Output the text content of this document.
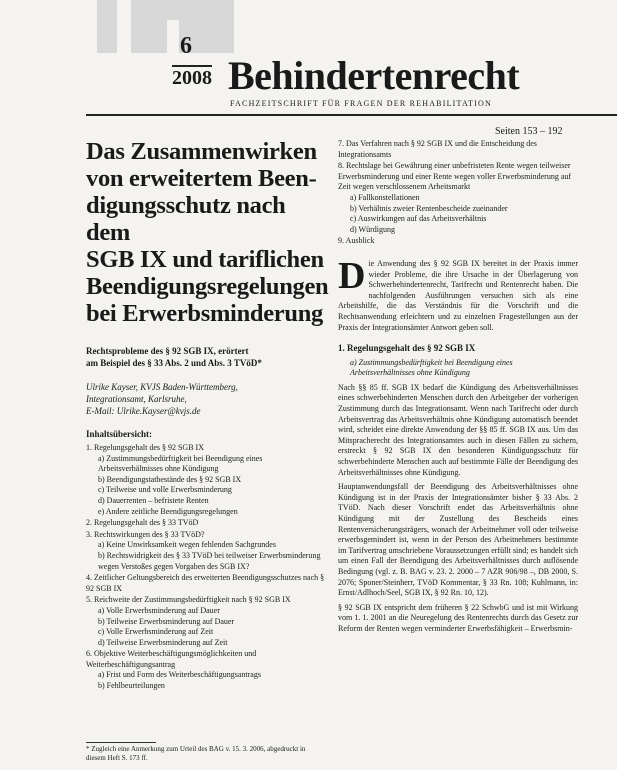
6
2008 Behindertenrecht
FACHZEITSCHRIFT FÜR FRAGEN DER REHABILITATION
Seiten 153 – 192
Das Zusammenwirken
von erweitertem Been-
digungsschutz nach dem
SGB IX und tariflichen
Beendigungsregelungen
bei Erwerbsminderung
Rechtsprobleme des § 92 SGB IX, erörtert
am Beispiel des § 33 Abs. 2 und Abs. 3 TVöD*
Ulrike Kayser, KVJS Baden-Württemberg,
Integrationsamt, Karlsruhe,
E-Mail: Ulrike.Kayser@kvjs.de
Inhaltsübersicht:
1. Regelungsgehalt des § 92 SGB IX
a) Zustimmungsbedürftigkeit bei Beendigung eines Arbeitsverhältnisses ohne Kündigung
b) Beendigungstatbestände des § 92 SGB IX
c) Teilweise und volle Erwerbsminderung
d) Dauerrenten – befristete Renten
e) Andere zeitliche Beendigungsregelungen
2. Regelungsgehalt des § 33 TVöD
3. Rechtswirkungen des § 33 TVöD?
a) Keine Unwirksamkeit wegen fehlenden Sachgrundes
b) Rechtswidrigkeit des § 33 TVöD bei teilweiser Erwerbsminderung wegen Verstoßes gegen Vorgaben des SGB IX?
4. Zeitlicher Geltungsbereich des erweiterten Beendigungsschutzes nach § 92 SGB IX
5. Reichweite der Zustimmungsbedürftigkeit nach § 92 SGB IX
a) Volle Erwerbsminderung auf Dauer
b) Teilweise Erwerbsminderung auf Dauer
c) Volle Erwerbsminderung auf Zeit
d) Teilweise Erwerbsminderung auf Zeit
6. Objektive Weiterbeschäftigungsmöglichkeiten und Weiterbeschäftigungsantrag
a) Frist und Form des Weiterbeschäftigungsantrags
b) Fehlbeurteilungen
* Zugleich eine Anmerkung zum Urteil des BAG v. 15. 3. 2006, abgedruckt in diesem Heft S. 173 ff.
7. Das Verfahren nach § 92 SGB IX und die Entscheidung des Integrationsamts
8. Rechtslage bei Gewährung einer unbefristeten Rente wegen teilweiser Erwerbsminderung und einer Rente wegen voller Erwerbsminderung auf Zeit wegen verschlossenem Arbeitsmarkt
a) Fallkonstellationen
b) Verhältnis zweier Rentenbescheide zueinander
c) Auswirkungen auf das Arbeitsverhältnis
d) Würdigung
9. Ausblick
D ie Anwendung des § 92 SGB IX bereitet in der Praxis immer wieder Probleme, die ihre Ursache in der Überlagerung von Schwerbehindertenrecht, Tarifrecht und Rentenrecht haben. Die nachfolgenden Ausführungen versuchen sich als eine Arbeitshilfe, die das Verständnis für die Vorschrift und die Rechtsanwendung erleichtern und zu einzelnen Fragestellungen aus der Praxis der Integrationsämter Antwort geben soll.
1. Regelungsgehalt des § 92 SGB IX
a) Zustimmungsbedürftigkeit bei Beendigung eines Arbeitsverhältnisses ohne Kündigung
Nach §§ 85 ff. SGB IX bedarf die Kündigung des Arbeitsverhältnisses eines schwerbehinderten Menschen durch den Arbeitgeber der vorherigen Zustimmung durch das Integrationsamt. Wenn nach Tarifrecht oder durch Arbeitsvertrag das Arbeitsverhältnis ohne Kündigung automatisch beendet wird, scheidet eine direkte Anwendung der §§ 85 ff. SGB IX aus. Um das Mitspracherecht des Integrationsamtes auch in diesen Fällen zu sichern, erstreckt § 92 SGB IX den besonderen Kündigungsschutz für schwerbehinderte Menschen auch auf bestimmte Fälle der Beendigung des Arbeitsverhältnisses ohne Kündigung.
Hauptanwendungsfall der Beendigung des Arbeitsverhältnisses ohne Kündigung ist in der Praxis der Integrationsämter bisher § 33 Abs. 2 TVöD. Nach dieser Vorschrift endet das Arbeitsverhältnis ohne Kündigung mit der Zustellung des Bescheids eines Rentenversicherungsträgers, wonach der Arbeitnehmer voll oder teilweise erwerbsgemindert ist, wenn in der Person des Arbeitnehmers bestimmte im Tarifvertrag umschriebene Voraussetzungen erfüllt sind; es handelt sich um einen Fall der Beendigung des Arbeitsverhältnisses durch auflösende Bedingung (vgl. z. B. BAG v. 23. 2. 2000 – 7 AZR 906/98 –, DB 2000, S. 2076; Sponer/Steinherr, TVöD Kommentar, § 33 Rn. 108; Kuhlmann, in: Ernst/Adlhoch/Seel, SGB IX, § 92 Rn. 10, 12).
§ 92 SGB IX entspricht dem früheren § 22 SchwbG und ist mit Wirkung vom 1. 1. 2001 an die Neuregelung des Rentenrechts durch das Gesetz zur Reform der Renten wegen verminderter Erwerbsfähigkeit – Erwerbsmin-
